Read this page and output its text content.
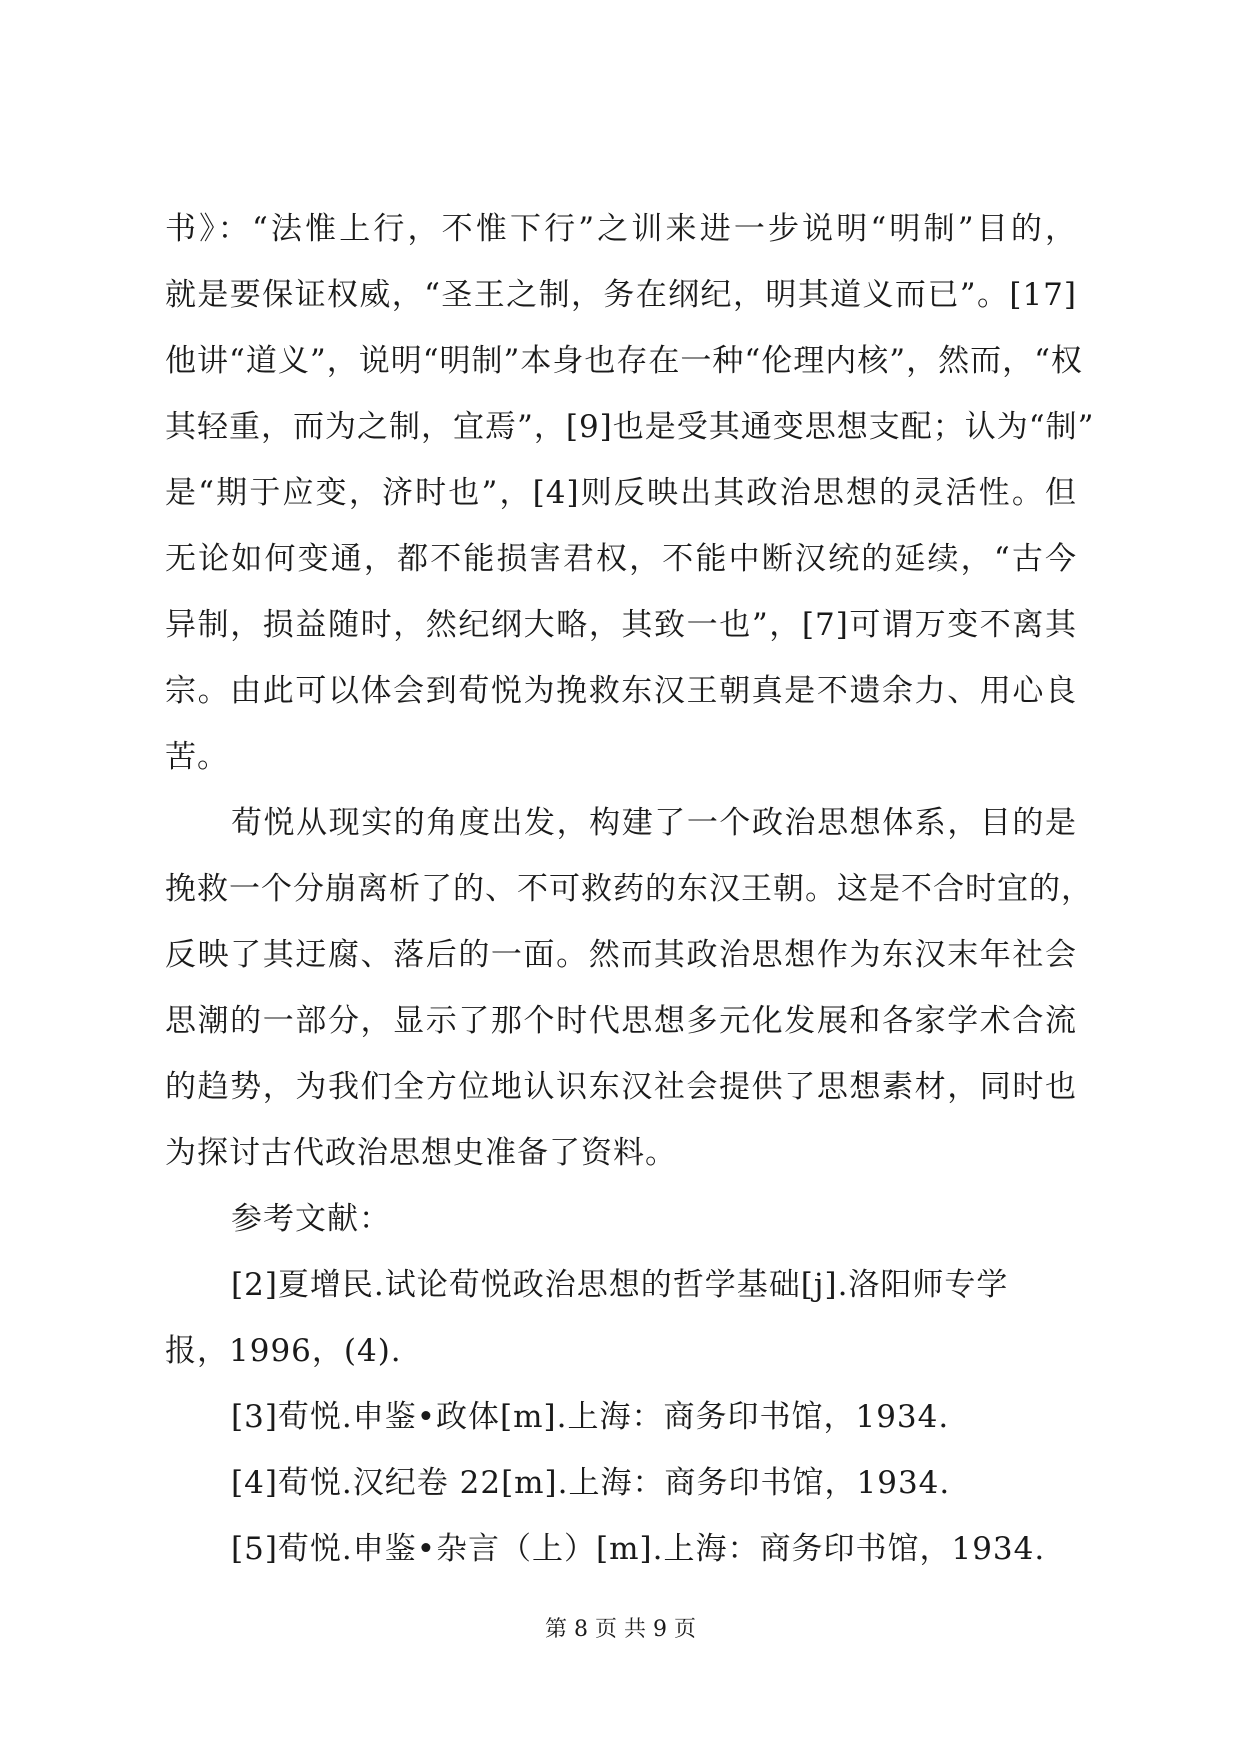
书》：“法惟上行，不惟下行”之训来进一步说明“明制”目的，
就是要保证权威，“圣王之制，务在纲纪，明其道义而已”。[17]
他讲“道义”，说明“明制”本身也存在一种“伦理内核”，然而，“权
其轻重，而为之制，宜焉”，[9]也是受其通变思想支配；认为“制”
是“期于应变，济时也”，[4]则反映出其政治思想的灵活性。但
无论如何变通，都不能损害君权，不能中断汉统的延续，“古今
异制，损益随时，然纪纲大略，其致一也”，[7]可谓万变不离其
宗。由此可以体会到荀悦为挽救东汉王朝真是不遗余力、用心良
苦。
荀悦从现实的角度出发，构建了一个政治思想体系，目的是
挽救一个分崩离析了的、不可救药的东汉王朝。这是不合时宜的，
反映了其迂腐、落后的一面。然而其政治思想作为东汉末年社会
思潮的一部分，显示了那个时代思想多元化发展和各家学术合流
的趋势，为我们全方位地认识东汉社会提供了思想素材，同时也
为探讨古代政治思想史准备了资料。
参考文献：
[2]夏增民.试论荀悦政治思想的哲学基础[j].洛阳师专学
报，1996，(4).
[3]荀悦.申鉴•政体[m].上海：商务印书馆，1934.
[4]荀悦.汉纪卷 22[m].上海：商务印书馆，1934.
[5]荀悦.申鉴•杂言（上）[m].上海：商务印书馆，1934.
第 8 页 共 9 页
